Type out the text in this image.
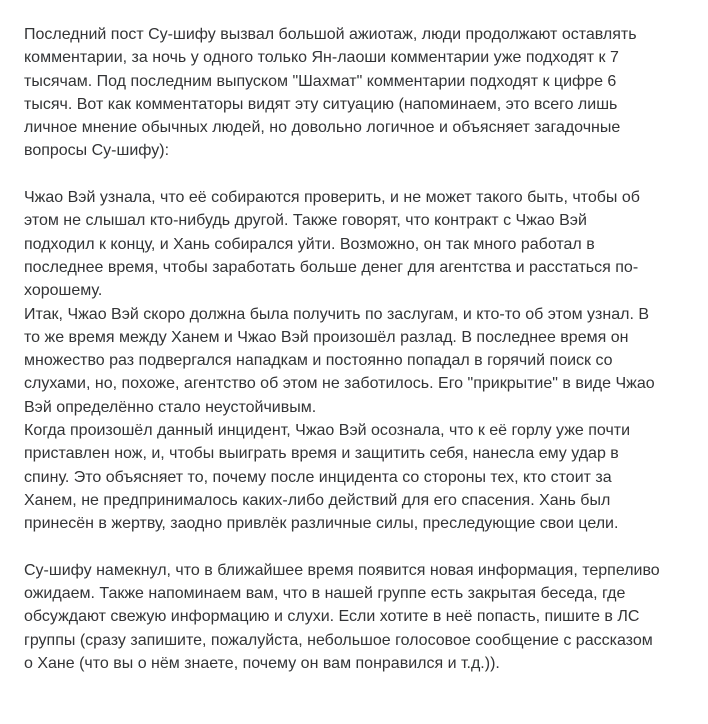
Последний пост Су-шифу вызвал большой ажиотаж, люди продолжают оставлять
комментарии, за ночь у одного только Ян-лаоши комментарии уже подходят к 7
тысячам. Под последним выпуском "Шахмат" комментарии подходят к цифре 6
тысяч. Вот как комментаторы видят эту ситуацию (напоминаем, это всего лишь
личное мнение обычных людей, но довольно логичное и объясняет загадочные
вопросы Су-шифу):
Чжао Вэй узнала, что её собираются проверить, и не может такого быть, чтобы об
этом не слышал кто-нибудь другой. Также говорят, что контракт с Чжао Вэй
подходил к концу, и Хань собирался уйти. Возможно, он так много работал в
последнее время, чтобы заработать больше денег для агентства и расстаться по-
хорошему.
Итак, Чжао Вэй скоро должна была получить по заслугам, и кто-то об этом узнал. В
то же время между Ханем и Чжао Вэй произошёл разлад. В последнее время он
множество раз подвергался нападкам и постоянно попадал в горячий поиск со
слухами, но, похоже, агентство об этом не заботилось. Его "прикрытие" в виде Чжао
Вэй определённо стало неустойчивым.
Когда произошёл данный инцидент, Чжао Вэй осознала, что к её горлу уже почти
приставлен нож, и, чтобы выиграть время и защитить себя, нанесла ему удар в
спину. Это объясняет то, почему после инцидента со стороны тех, кто стоит за
Ханем, не предпринималось каких-либо действий для его спасения. Хань был
принесён в жертву, заодно привлёк различные силы, преследующие свои цели.
Су-шифу намекнул, что в ближайшее время появится новая информация, терпеливо
ожидаем. Также напоминаем вам, что в нашей группе есть закрытая беседа, где
обсуждают свежую информацию и слухи. Если хотите в неё попасть, пишите в ЛС
группы (сразу запишите, пожалуйста, небольшое голосовое сообщение с рассказом
о Хане (что вы о нём знаете, почему он вам понравился и т.д.)).
